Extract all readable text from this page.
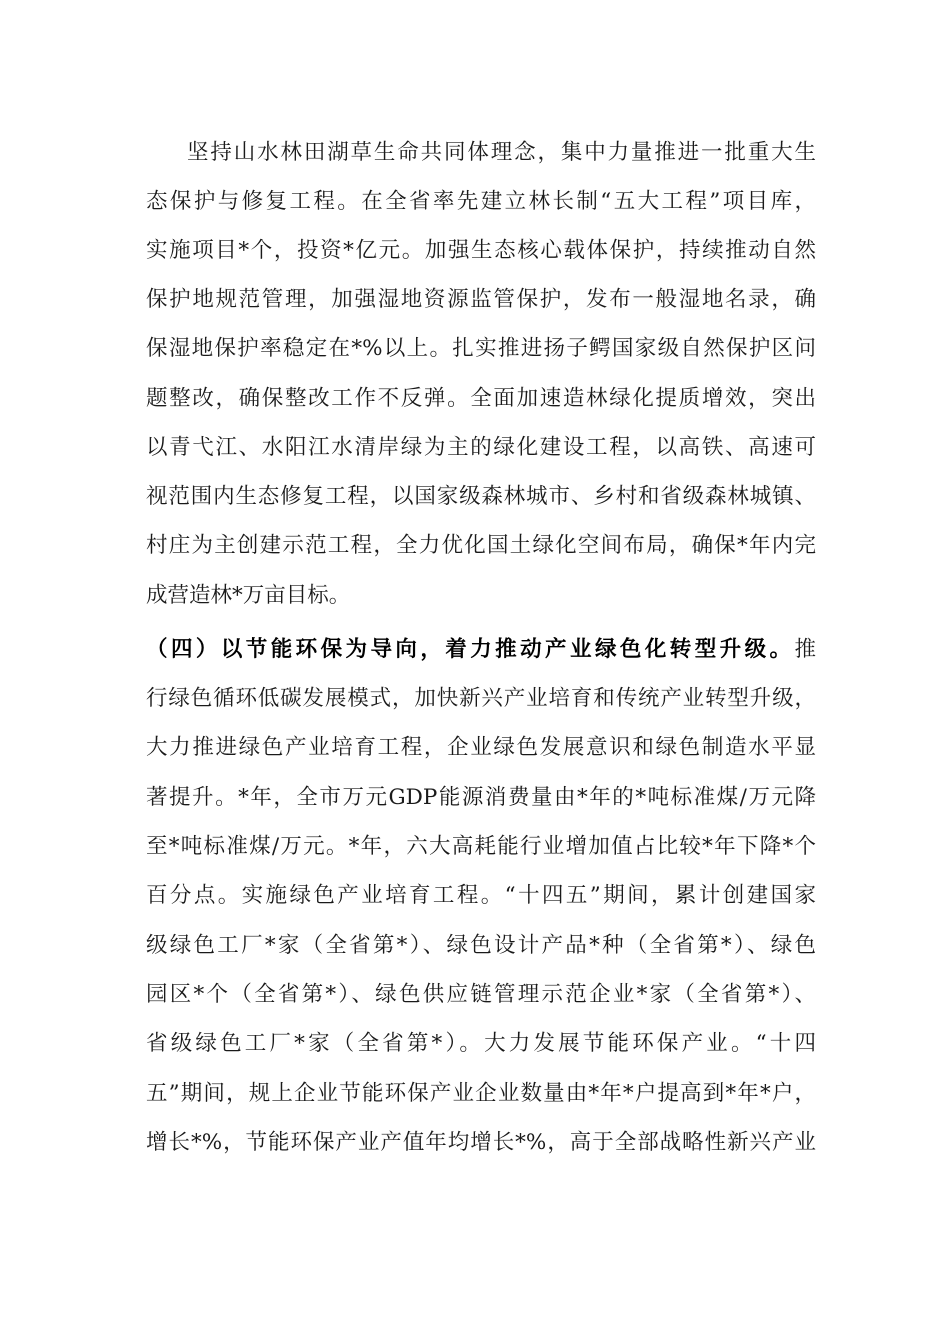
坚持山水林田湖草生命共同体理念，集中力量推进一批重大生
态保护与修复工程。在全省率先建立林长制“五大工程”项目库，
实施项目*个，投资*亿元。加强生态核心载体保护，持续推动自然
保护地规范管理，加强湿地资源监管保护，发布一般湿地名录，确
保湿地保护率稳定在*%以上。扎实推进扬子鳄国家级自然保护区问
题整改，确保整改工作不反弹。全面加速造林绿化提质增效，突出
以青弋江、水阳江水清岸绿为主的绿化建设工程，以高铁、高速可
视范围内生态修复工程，以国家级森林城市、乡村和省级森林城镇、
村庄为主创建示范工程，全力优化国土绿化空间布局，确保*年内完
成营造林*万亩目标。
（四）以节能环保为导向，着力推动产业绿色化转型升级。推
行绿色循环低碳发展模式，加快新兴产业培育和传统产业转型升级，
大力推进绿色产业培育工程，企业绿色发展意识和绿色制造水平显
著提升。*年，全市万元GDP能源消费量由*年的*吨标准煤/万元降
至*吨标准煤/万元。*年，六大高耗能行业增加值占比较*年下降*个
百分点。实施绿色产业培育工程。“十四五”期间，累计创建国家
级绿色工厂*家（全省第*）、绿色设计产品*种（全省第*）、绿色
园区*个（全省第*）、绿色供应链管理示范企业*家（全省第*）、
省级绿色工厂*家（全省第*）。大力发展节能环保产业。“十四
五”期间，规上企业节能环保产业企业数量由*年*户提高到*年*户，
增长*%，节能环保产业产值年均增长*%，高于全部战略性新兴产业
